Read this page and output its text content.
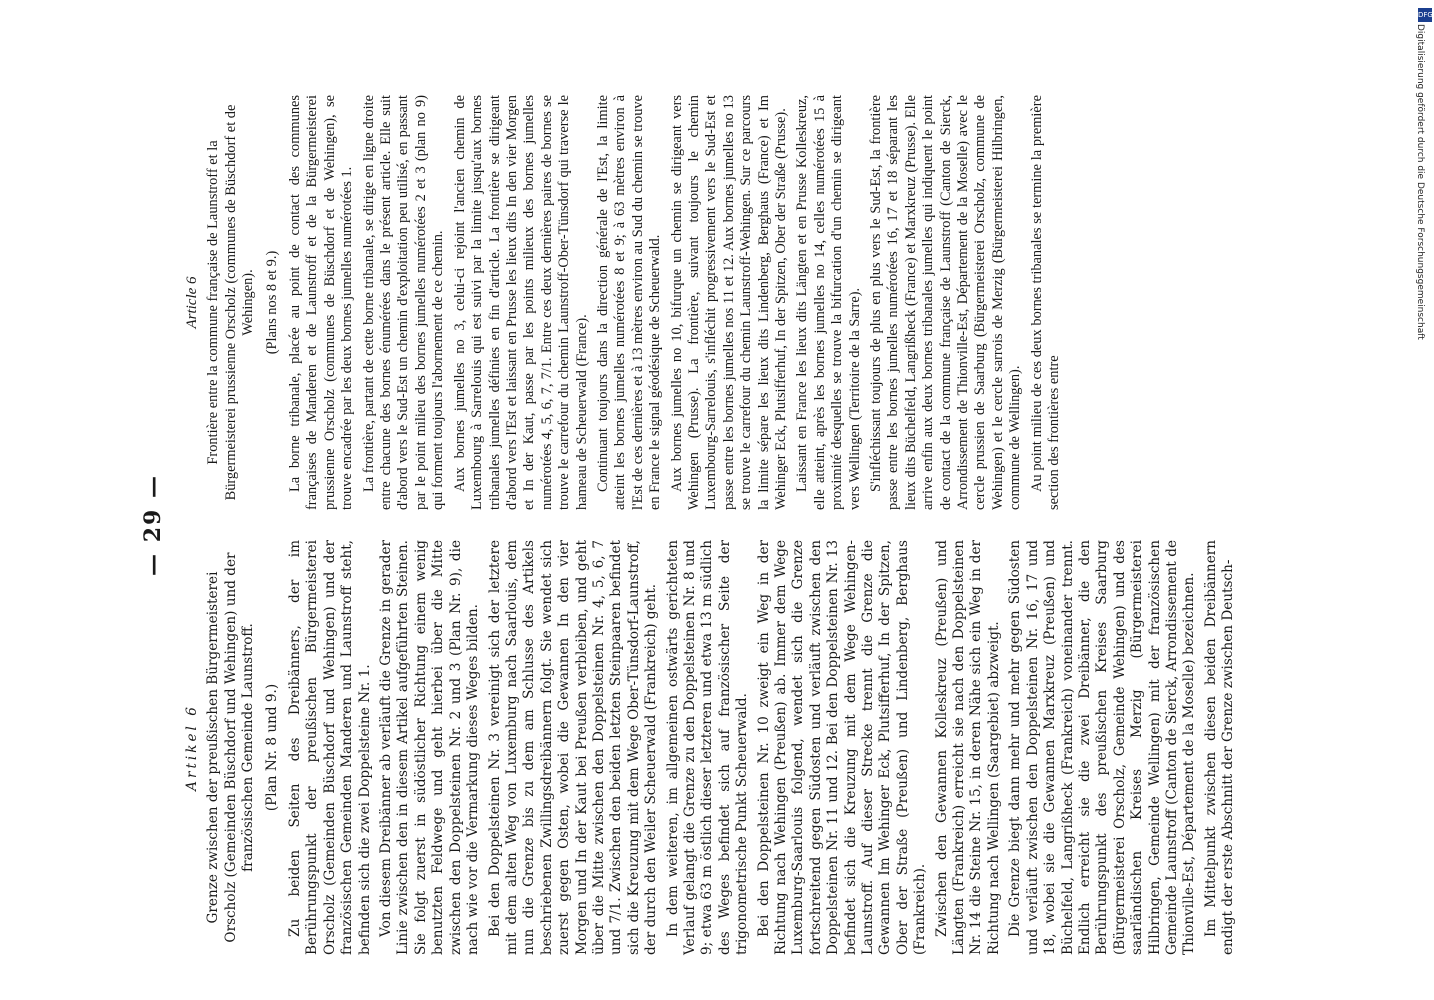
— 29 —
Artikel 6 Grenze zwischen der preußischen Bürgermeisterei Orscholz (Gemeinden Büschdorf und Wehingen) und der französischen Gemeinde Launstroff. (Plan Nr. 8 und 9.) Zu beiden Seiten des Dreibänners, der im Berührungspunkt der preußischen Bürgermeisterei Orscholz (Gemeinden Büschdorf und Wehingen) und der französischen Gemeinden Manderen und Launstroff steht, befinden sich die zwei Doppelsteine Nr. 1. Von diesem Dreibänner ab verläuft die Grenze in gerader Linie zwischen den in diesem Artikel aufgeführten Steinen. Sie folgt zuerst in südöstlicher Richtung einem wenig benutzten Feldwege und geht hierbei über die Mitte zwischen den Doppelsteinen Nr. 2 und 3 (Plan Nr. 9), die nach wie vor die Vermarkung dieses Weges bilden. Bei den Doppelsteinen Nr. 3 vereinigt sich der letztere mit dem alten Weg von Luxemburg nach Saarlouis, dem nun die Grenze bis zu dem am Schlusse des Artikels beschriebenen Zwillingsdreibännern folgt. Sie wendet sich zuerst gegen Osten, wobei die Gewannen In den vier Morgen und In der Kaut bei Preußen verbleiben, und geht über die Mitte zwischen den Doppelsteinen Nr. 4, 5, 6, 7 und 7/1. Zwischen den beiden letzten Steinpaaren befindet sich die Kreuzung mit dem Wege Ober-Tünsdorf-Launstroff, der durch den Weiler Scheuerwald (Frankreich) geht. In dem weiteren, im allgemeinen ostwärts gerichteten Verlauf gelangt die Grenze zu den Doppelsteinen Nr. 8 und 9; etwa 63 m östlich dieser letzteren und etwa 13 m südlich des Weges befindet sich auf französischer Seite der trigonometrische Punkt Scheuerwald. Bei den Doppelsteinen Nr. 10 zweigt ein Weg in der Richtung nach Wehingen (Preußen) ab. Immer dem Wege Luxemburg-Saarlouis folgend, wendet sich die Grenze fortschreitend gegen Südosten und verläuft zwischen den Doppelsteinen Nr. 11 und 12. Bei den Doppelsteinen Nr. 13 befindet sich die Kreuzung mit dem Wege Wehingen-Launstroff. Auf dieser Strecke trennt die Grenze die Gewannen Im Wehinger Eck, Plutsifferhuf, In der Spitzen, Ober der Straße (Preußen) und Lindenberg, Berghaus (Frankreich). Zwischen den Gewannen Kolleskreuz (Preußen) und Längten (Frankreich) erreicht sie nach den Doppelsteinen Nr. 14 die Steine Nr. 15, in deren Nähe sich ein Weg in der Richtung nach Wellingen (Saargebiet) abzweigt. Die Grenze biegt dann mehr und mehr gegen Südosten und verläuft zwischen den Doppelsteinen Nr. 16, 17 und 18, wobei sie die Gewannen Marxkreuz (Preußen) und Büchelfeld, Langrißheck (Frankreich) voneinander trennt. Endlich erreicht sie die zwei Dreibänner, die den Berührungspunkt des preußischen Kreises Saarburg (Bürgermeisterei Orscholz, Gemeinde Wehingen) und des saarländischen Kreises Merzig (Bürgermeisterei Hilbringen, Gemeinde Wellingen) mit der französischen Gemeinde Launstroff (Canton de Sierck, Arrondissement de Thionville-Est, Département de la Moselle) bezeichnen. Im Mittelpunkt zwischen diesen beiden Dreibännern endigt der erste Abschnitt der Grenze zwischen Deutsch-

Article 6 Frontière entre la commune française de Launstroff et la Bürgermeisterei prussienne Orscholz (communes de Büschdorf et de Wehingen). (Plans nos 8 et 9.) La borne tribanale, placée au point de contact des communes françaises de Manderen et de Launstroff et de la Bürgermeisterei prussienne Orscholz (communes de Büschdorf et de Wehingen), se trouve encadrée par les deux bornes jumelles numérotées 1. La frontière, partant de cette borne tribanale, se dirige en ligne droite entre chacune des bornes énumérées dans le présent article. Elle suit d'abord vers le Sud-Est un chemin d'exploitation peu utilisé, en passant par le point milieu des bornes jumelles numérotées 2 et 3 (plan no 9) qui forment toujours l'abornement de ce chemin. Aux bornes jumelles no 3, celui-ci rejoint l'ancien chemin de Luxembourg à Sarrelouis qui est suivi par la limite jusqu'aux bornes tribanales jumelles définies en fin d'article. La frontière se dirigeant d'abord vers l'Est et laissant en Prusse les lieux dits In den vier Morgen et In der Kaut, passe par les points milieux des bornes jumelles numérotées 4, 5, 6, 7, 7/1. Entre ces deux dernières paires de bornes se trouve le carrefour du chemin Launstroff-Ober-Tünsdorf qui traverse le hameau de Scheuerwald (France). Continuant toujours dans la direction générale de l'Est, la limite atteint les bornes jumelles numérotées 8 et 9; à 63 mètres environ à l'Est de ces dernières et à 13 mètres environ au Sud du chemin se trouve en France le signal géodésique de Scheuerwald. Aux bornes jumelles no 10, bifurque un chemin se dirigeant vers Wehingen (Prusse). La frontière, suivant toujours le chemin Luxembourg-Sarrelouis, s'infléchit progressivement vers le Sud-Est et passe entre les bornes jumelles nos 11 et 12. Aux bornes jumelles no 13 se trouve le carrefour du chemin Launstroff-Wehingen. Sur ce parcours la limite sépare les lieux dits Lindenberg, Berghaus (France) et Im Wehinger Eck, Plutsifferhuf, In der Spitzen, Ober der Straße (Prusse). Laissant en France les lieux dits Längten et en Prusse Kolleskreuz, elle atteint, après les bornes jumelles no 14, celles numérotées 15 à proximité desquelles se trouve la bifurcation d'un chemin se dirigeant vers Wellingen (Territoire de la Sarre). S'infléchissant toujours de plus en plus vers le Sud-Est, la frontière passe entre les bornes jumelles numérotées 16, 17 et 18 séparant les lieux dits Büchelfeld, Langrißheck (France) et Marxkreuz (Prusse). Elle arrive enfin aux deux bornes tribanales jumelles qui indiquent le point de contact de la commune française de Launstroff (Canton de Sierck, Arrondissement de Thionville-Est, Département de la Moselle) avec le cercle prussien de Saarburg (Bürgermeisterei Orscholz, commune de Wehingen) et le cercle sarrois de Merzig (Bürgermeisterei Hilbringen, commune de Wellingen). Au point milieu de ces deux bornes tribanales se termine la première section des frontières entre

DFG
Digitalisierung gefördert durch die Deutsche Forschungsgemeinschaft
